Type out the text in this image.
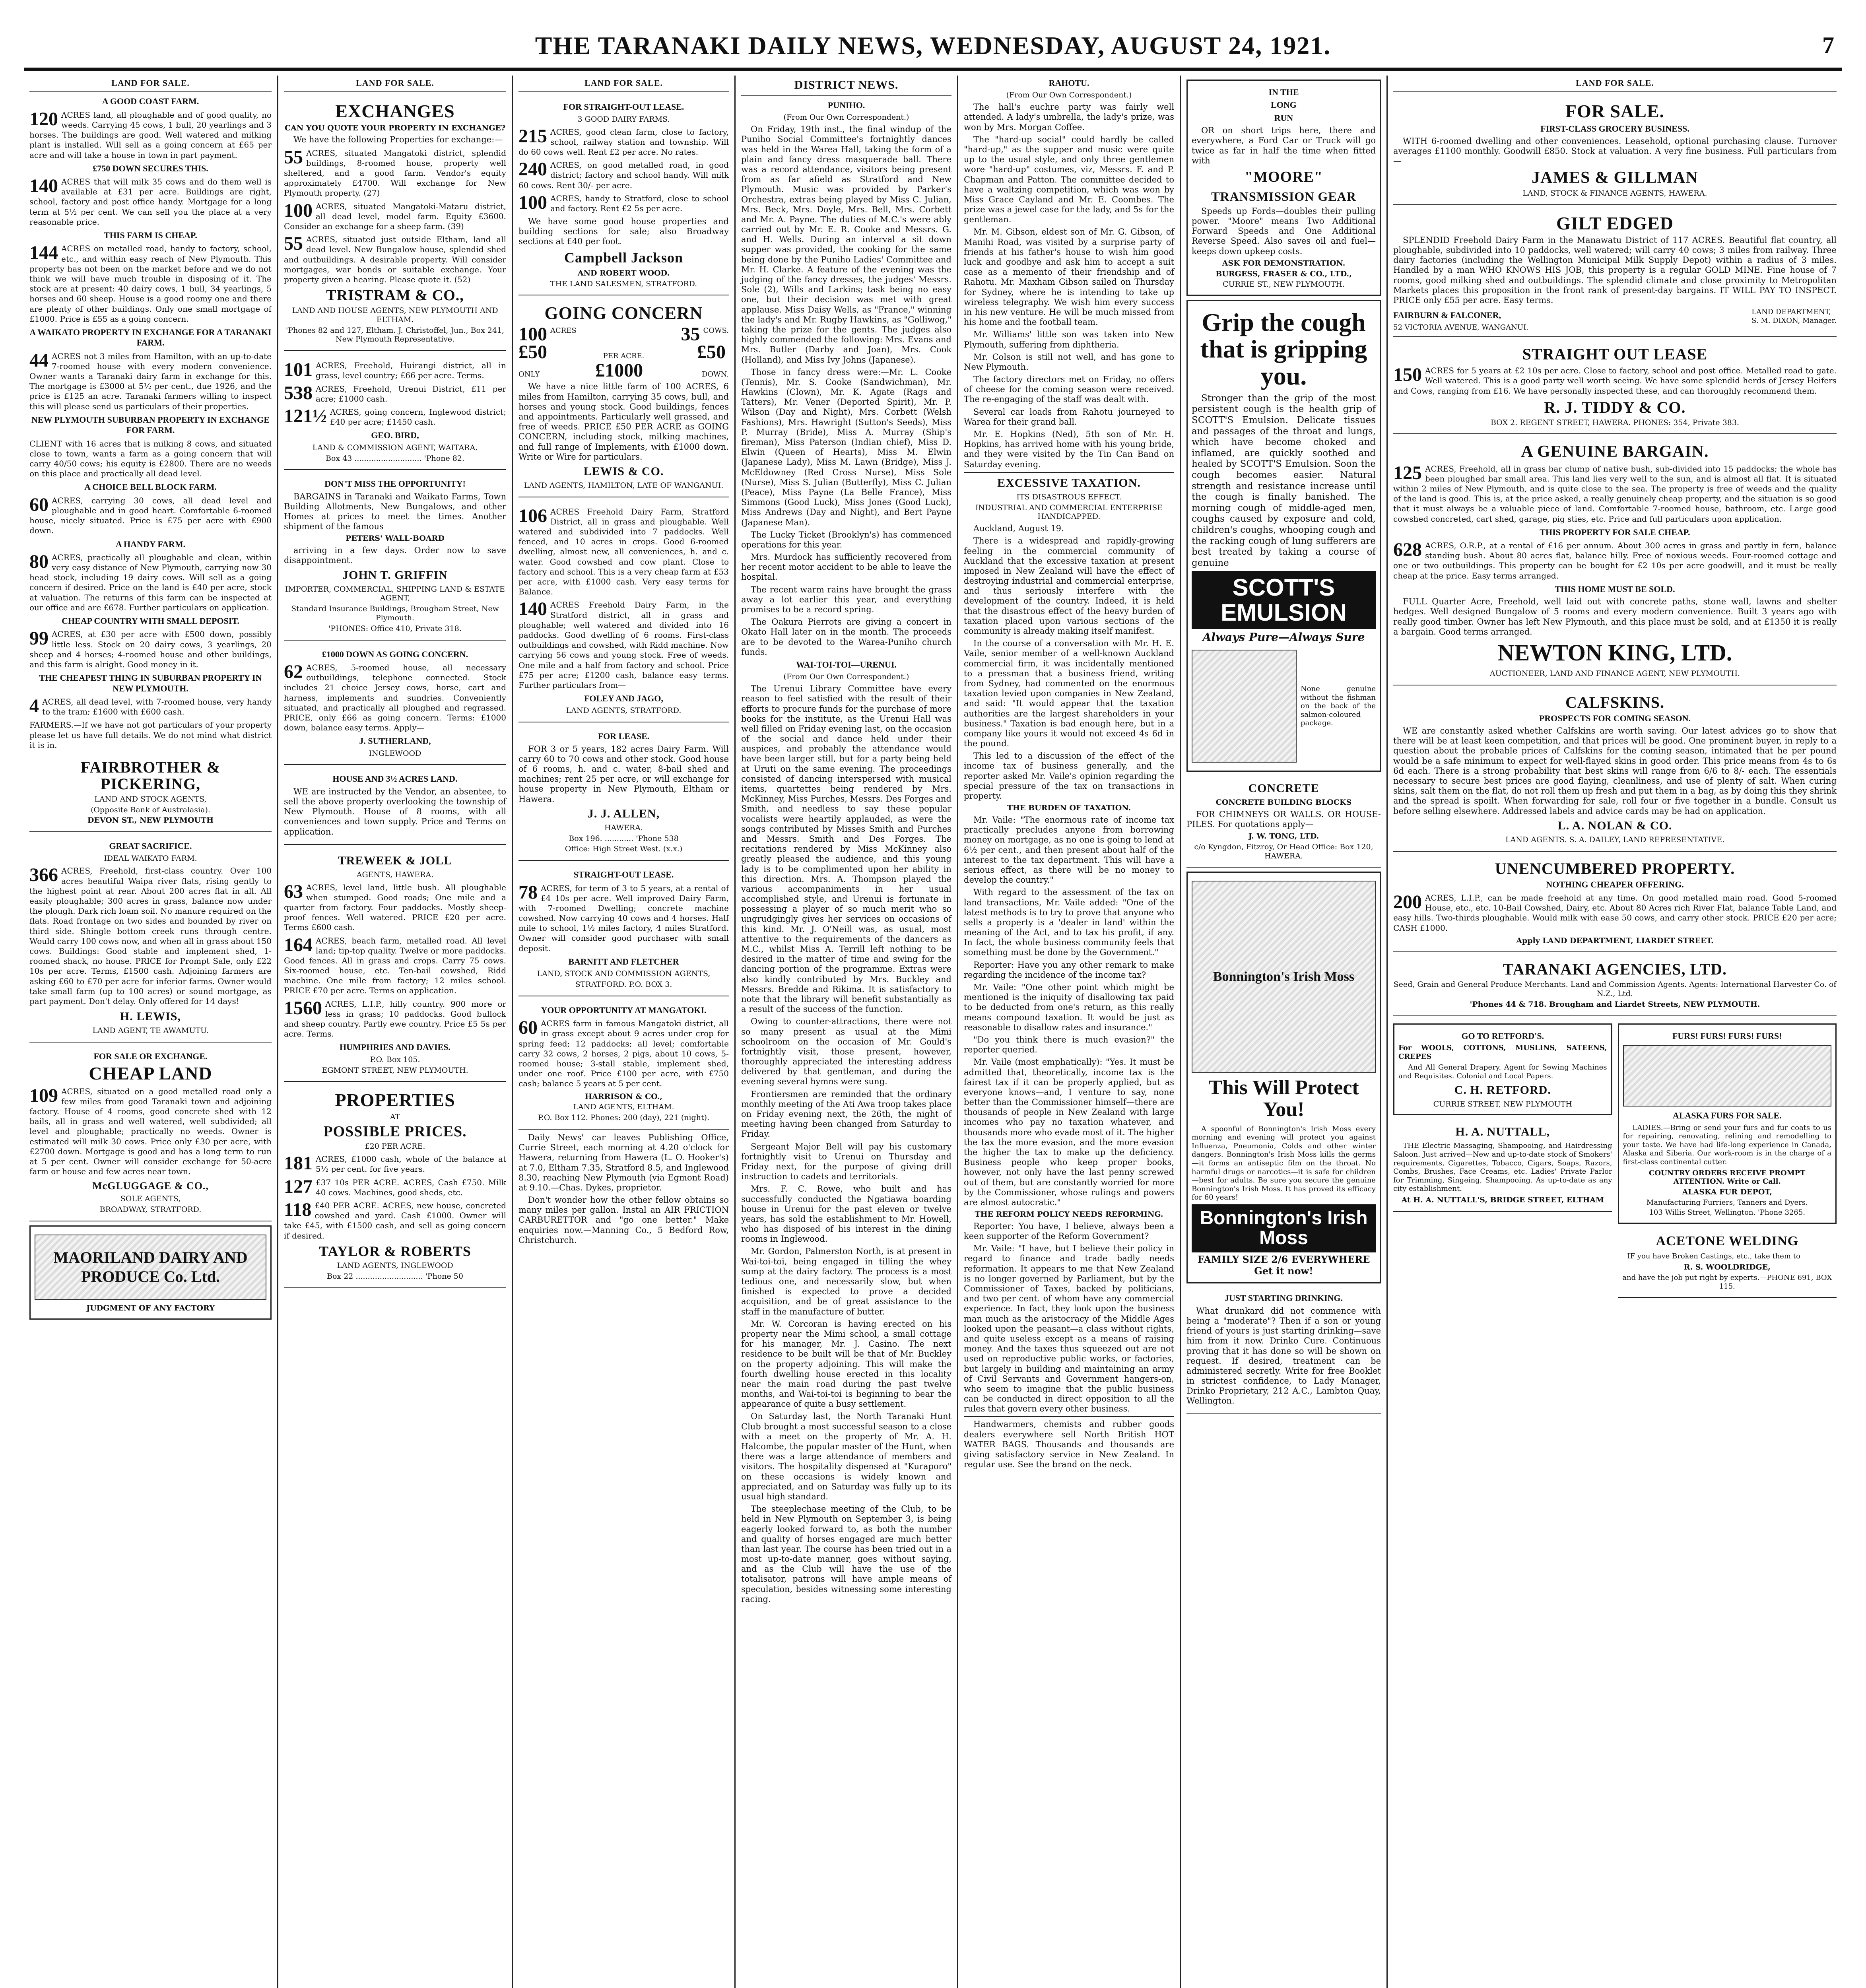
THE TARANAKI DAILY NEWS, WEDNESDAY, AUGUST 24, 1921.	7
LAND FOR SALE.
A GOOD COAST FARM.
120 ACRES land, all ploughable and of good quality, no weeds. Carrying 45 cows, 1 bull, 20 yearlings and 3 horses. The buildings are good. Well watered and milking plant is installed. Will sell as a going concern at £65 per acre and will take a house in town in part payment.
£750 DOWN SECURES THIS.
140 ACRES that will milk 35 cows and do them well is available at £31 per acre. Buildings are right, school, factory and post office handy. Mortgage for a long term at 5½ per cent. We can sell you the place at a very reasonable price.
THIS FARM IS CHEAP.
144 ACRES on metalled road, handy to factory, school, etc., and within easy reach of New Plymouth. This property has not been on the market before and we do not think we will have much trouble in disposing of it. The stock are at present: 40 dairy cows, 1 bull, 34 yearlings, 5 horses and 60 sheep. House is a good roomy one and there are plenty of other buildings. Only one small mortgage of £1000. Price is £55 as a going concern.
A WAIKATO PROPERTY IN EXCHANGE FOR A TARANAKI FARM.
44 ACRES not 3 miles from Hamilton, with an up-to-date 7-roomed house with every modern convenience. Owner wants a Taranaki dairy farm in exchange for this. The mortgage is £3000 at 5½ per cent., due 1926, and the price is £125 an acre. Taranaki farmers willing to inspect this will please send us particulars of their properties.
NEW PLYMOUTH SUBURBAN PROPERTY IN EXCHANGE FOR FARM.
CLIENT with 16 acres that is milking 8 cows, and situated close to town, wants a farm as a going concern that will carry 40/50 cows; his equity is £2800. There are no weeds on this place and practically all dead level.
A CHOICE BELL BLOCK FARM.
60 ACRES, carrying 30 cows, all dead level and ploughable and in good heart. Comfortable 6-roomed house, nicely situated. Price is £75 per acre with £900 down.
A HANDY FARM.
80 ACRES, practically all ploughable and clean, within very easy distance of New Plymouth, carrying now 30 head stock, including 19 dairy cows. Will sell as a going concern if desired. Price on the land is £40 per acre, stock at valuation. The returns of this farm can be inspected at our office and are £678. Further particulars on application.
CHEAP COUNTRY WITH SMALL DEPOSIT.
99 ACRES, at £30 per acre with £500 down, possibly little less. Stock on 20 dairy cows, 3 yearlings, 20 sheep and 4 horses; 4-roomed house and other buildings, and this farm is alright. Good money in it.
THE CHEAPEST THING IN SUBURBAN PROPERTY IN NEW PLYMOUTH.
4 ACRES, all dead level, with 7-roomed house, very handy to the tram; £1600 with £600 cash.
FARMERS.—If we have not got particulars of your property please let us have full details. We do not mind what district it is in.
FAIRBROTHER & PICKERING,
LAND AND STOCK AGENTS,
(Opposite Bank of Australasia).
DEVON ST., NEW PLYMOUTH
GREAT SACRIFICE.
IDEAL WAIKATO FARM.
366 ACRES, Freehold, first-class country. Over 100 acres beautiful Waipa river flats, rising gently to the highest point at rear. About 200 acres flat in all. All easily ploughable; 300 acres in grass, balance now under the plough. Dark rich loam soil. No manure required on the flats. Road frontage on two sides and bounded by river on third side. Shingle bottom creek runs through centre. Would carry 100 cows now, and when all in grass about 150 cows. Buildings: Good stable and implement shed, 1-roomed shack, no house. PRICE for Prompt Sale, only £22 10s per acre. Terms, £1500 cash. Adjoining farmers are asking £60 to £70 per acre for inferior farms. Owner would take small farm (up to 100 acres) or sound mortgage, as part payment. Don't delay. Only offered for 14 days!
H. LEWIS,
LAND AGENT, TE AWAMUTU.
FOR SALE OR EXCHANGE.
CHEAP LAND
109 ACRES, situated on a good metalled road only a few miles from good Taranaki town and adjoining factory. House of 4 rooms, good concrete shed with 12 bails, all in grass and well watered, well subdivided; all level and ploughable; practically no weeds. Owner is estimated will milk 30 cows. Price only £30 per acre, with £2700 down. Mortgage is good and has a long term to run at 5 per cent. Owner will consider exchange for 50-acre farm or house and few acres near town.
McGLUGGAGE & CO.,
SOLE AGENTS,
BROADWAY, STRATFORD.
MAORILAND DAIRY AND PRODUCE Co. Ltd.
JUDGMENT OF ANY FACTORY
LAND FOR SALE.
EXCHANGES
CAN YOU QUOTE YOUR PROPERTY IN EXCHANGE?
We have the following Properties for exchange:—
55 ACRES, situated Mangatoki district, splendid buildings, 8-roomed house, property well sheltered, and a good farm. Vendor's equity approximately £4700. Will exchange for New Plymouth property. (27)
100 ACRES, situated Mangatoki-Mataru district, all dead level, model farm. Equity £3600. Consider an exchange for a sheep farm. (39)
55 ACRES, situated just outside Eltham, land all dead level. New Bungalow house, splendid shed and outbuildings. A desirable property. Will consider mortgages, war bonds or suitable exchange. Your property given a hearing. Please quote it. (52)
TRISTRAM & CO.,
LAND AND HOUSE AGENTS, NEW PLYMOUTH AND ELTHAM.
'Phones 82 and 127, Eltham. J. Christoffel, Jun., Box 241, New Plymouth Representative.
101 ACRES, Freehold, Huirangi district, all in grass, level country; £66 per acre. Terms.
538 ACRES, Freehold, Urenui District, £11 per acre; £1000 cash.
121½ ACRES, going concern, Inglewood district; £40 per acre; £1450 cash.
GEO. BIRD,
LAND & COMMISSION AGENT, WAITARA.
Box 43 ............................ 'Phone 82.
DON'T MISS THE OPPORTUNITY!
BARGAINS in Taranaki and Waikato Farms, Town Building Allotments, New Bungalows, and other Homes at prices to meet the times. Another shipment of the famous
PETERS' WALL-BOARD
arriving in a few days. Order now to save disappointment.
JOHN T. GRIFFIN
IMPORTER, COMMERCIAL, SHIPPING LAND & ESTATE AGENT,
Standard Insurance Buildings, Brougham Street, New Plymouth.
'PHONES: Office 410, Private 318.
£1000 DOWN AS GOING CONCERN.
62 ACRES, 5-roomed house, all necessary outbuildings, telephone connected. Stock includes 21 choice Jersey cows, horse, cart and harness, implements and sundries. Conveniently situated, and practically all ploughed and regrassed. PRICE, only £66 as going concern. Terms: £1000 down, balance easy terms. Apply—
J. SUTHERLAND,
INGLEWOOD
HOUSE AND 3½ ACRES LAND.
WE are instructed by the Vendor, an absentee, to sell the above property overlooking the township of New Plymouth. House of 8 rooms, with all conveniences and town supply. Price and Terms on application.
TREWEEK & JOLL
AGENTS, HAWERA.
63 ACRES, level land, little bush. All ploughable when stumped. Good roads; One mile and a quarter from factory. Four paddocks. Mostly sheep-proof fences. Well watered. PRICE £20 per acre. Terms £600 cash.
164 ACRES, beach farm, metalled road. All level land; tip-top quality. Twelve or more paddocks. Good fences. All in grass and crops. Carry 75 cows. Six-roomed house, etc. Ten-bail cowshed, Ridd machine. One mile from factory; 12 miles school. PRICE £70 per acre. Terms on application.
1560 ACRES, L.I.P., hilly country. 900 more or less in grass; 10 paddocks. Good bullock and sheep country. Partly ewe country. Price £5 5s per acre. Terms.
HUMPHRIES AND DAVIES.
P.O. Box 105.
EGMONT STREET, NEW PLYMOUTH.
PROPERTIES
AT
POSSIBLE PRICES.
£20 PER ACRE.
181 ACRES, £1000 cash, whole of the balance at 5½ per cent. for five years.
127 £37 10s PER ACRE. ACRES, Cash £750. Milk 40 cows. Machines, good sheds, etc.
118 £40 PER ACRE. ACRES, new house, concreted cowshed and yard. Cash £1000. Owner will take £45, with £1500 cash, and sell as going concern if desired.
TAYLOR & ROBERTS
LAND AGENTS, INGLEWOOD
Box 22 ............................ 'Phone 50
LAND FOR SALE.
FOR STRAIGHT-OUT LEASE.
3 GOOD DAIRY FARMS.
215 ACRES, good clean farm, close to factory, school, railway station and township. Will do 60 cows well. Rent £2 per acre. No rates.
240 ACRES, on good metalled road, in good district; factory and school handy. Will milk 60 cows. Rent 30/- per acre.
100 ACRES, handy to Stratford, close to school and factory. Rent £2 5s per acre.
We have some good house properties and building sections for sale; also Broadway sections at £40 per foot.
Campbell Jackson
AND ROBERT WOOD.
THE LAND SALESMEN, STRATFORD.
GOING CONCERN
100 ACRES	35 COWS.
£50	PER ACRE.	£50
ONLY	£1000	DOWN.
We have a nice little farm of 100 ACRES, 6 miles from Hamilton, carrying 35 cows, bull, and horses and young stock. Good buildings, fences and appointments. Particularly well grassed, and free of weeds. PRICE £50 PER ACRE as GOING CONCERN, including stock, milking machines, and full range of Implements, with £1000 down. Write or Wire for particulars.
LEWIS & CO.
LAND AGENTS, HAMILTON, LATE OF WANGANUI.
106 ACRES Freehold Dairy Farm, Stratford District, all in grass and ploughable. Well watered and subdivided into 7 paddocks. Well fenced, and 10 acres in crops. Good 6-roomed dwelling, almost new, all conveniences, h. and c. water. Good cowshed and cow plant. Close to factory and school. This is a very cheap farm at £53 per acre, with £1000 cash. Very easy terms for Balance.
140 ACRES Freehold Dairy Farm, in the Stratford district, all in grass and ploughable; well watered and divided into 16 paddocks. Good dwelling of 6 rooms. First-class outbuildings and cowshed, with Ridd machine. Now carrying 56 cows and young stock. Free of weeds. One mile and a half from factory and school. Price £75 per acre; £1200 cash, balance easy terms. Further particulars from—
FOLEY AND JAGO,
LAND AGENTS, STRATFORD.
FOR LEASE.
FOR 3 or 5 years, 182 acres Dairy Farm. Will carry 60 to 70 cows and other stock. Good house of 6 rooms, h. and c. water, 8-bail shed and machines; rent 25 per acre, or will exchange for house property in New Plymouth, Eltham or Hawera.
J. J. ALLEN,
HAWERA.
Box 196. ............ 'Phone 538
Office: High Street West. (x.x.)
STRAIGHT-OUT LEASE.
78 ACRES, for term of 3 to 5 years, at a rental of £4 10s per acre. Well improved Dairy Farm, with 7-roomed Dwelling; concrete machine cowshed. Now carrying 40 cows and 4 horses. Half mile to school, 1½ miles factory, 4 miles Stratford. Owner will consider good purchaser with small deposit.
BARNITT AND FLETCHER
LAND, STOCK AND COMMISSION AGENTS,
STRATFORD. P.O. BOX 3.
YOUR OPPORTUNITY AT MANGATOKI.
60 ACRES farm in famous Mangatoki district, all in grass except about 9 acres under crop for spring feed; 12 paddocks; all level; comfortable carry 32 cows, 2 horses, 2 pigs, about 10 cows, 5-roomed house; 3-stall stable, implement shed, under one roof. Price £100 per acre, with £750 cash; balance 5 years at 5 per cent.
HARRISON & CO.,
LAND AGENTS, ELTHAM.
P.O. Box 112. Phones: 200 (day), 221 (night).
Daily News' car leaves Publishing Office, Currie Street, each morning at 4.20 o'clock for Hawera, returning from Hawera (L. O. Hooker's) at 7.0, Eltham 7.35, Stratford 8.5, and Inglewood 8.30, reaching New Plymouth (via Egmont Road) at 9.10.—Chas. Dykes, proprietor.
Don't wonder how the other fellow obtains so many miles per gallon. Instal an AIR FRICTION CARBURETTOR and "go one better." Make enquiries now.—Manning Co., 5 Bedford Row, Christchurch.
DISTRICT NEWS.
PUNIHO.
(From Our Own Correspondent.)
On Friday, 19th inst., the final windup of the Puniho Social Committee's fortnightly dances was held in the Warea Hall, taking the form of a plain and fancy dress masquerade ball. There was a record attendance, visitors being present from as far afield as Stratford and New Plymouth. Music was provided by Parker's Orchestra, extras being played by Miss C. Julian, Mrs. Beck, Mrs. Doyle, Mrs. Bell, Mrs. Corbett and Mr. A. Payne. The duties of M.C.'s were ably carried out by Mr. E. R. Cooke and Messrs. G. and H. Wells. During an interval a sit down supper was provided, the cooking for the same being done by the Puniho Ladies' Committee and Mr. H. Clarke. A feature of the evening was the judging of the fancy dresses, the judges' Messrs. Sole (2), Wills and Larkins; task being no easy one, but their decision was met with great applause. Miss Daisy Wells, as "France," winning the lady's and Mr. Rugby Hawkins, as "Golliwog," taking the prize for the gents. The judges also highly commended the following: Mrs. Evans and Mrs. Butler (Darby and Joan), Mrs. Cook (Holland), and Miss Ivy Johns (Japanese).
Those in fancy dress were:—Mr. L. Cooke (Tennis), Mr. S. Cooke (Sandwichman), Mr. Hawkins (Clown), Mr. K. Agate (Rags and Tatters), Mr. Vener (Deported Spirit), Mr. P. Wilson (Day and Night), Mrs. Corbett (Welsh Fashions), Mrs. Hawright (Sutton's Seeds), Miss P. Murray (Bride), Miss A. Murray (Ship's fireman), Miss Paterson (Indian chief), Miss D. Elwin (Queen of Hearts), Miss M. Elwin (Japanese Lady), Miss M. Lawn (Bridge), Miss J. McEldowney (Red Cross Nurse), Miss Sole (Nurse), Miss S. Julian (Butterfly), Miss C. Julian (Peace), Miss Payne (La Belle France), Miss Simmons (Good Luck), Miss Jones (Good Luck), Miss Andrews (Day and Night), and Bert Payne (Japanese Man).
The Lucky Ticket (Brooklyn's) has commenced operations for this year.
Mrs. Murdock has sufficiently recovered from her recent motor accident to be able to leave the hospital.
The recent warm rains have brought the grass away a lot earlier this year, and everything promises to be a record spring.
The Oakura Pierrots are giving a concert in Okato Hall later on in the month. The proceeds are to be devoted to the Warea-Puniho church funds.
WAI-TOI-TOI—URENUI.
(From Our Own Correspondent.)
The Urenui Library Committee have every reason to feel satisfied with the result of their efforts to procure funds for the purchase of more books for the institute, as the Urenui Hall was well filled on Friday evening last, on the occasion of the social and dance held under their auspices, and probably the attendance would have been larger still, but for a party being held at Uruti on the same evening. The proceedings consisted of dancing interspersed with musical items, quartettes being rendered by Mrs. McKinney, Miss Purches, Messrs. Des Forges and Smith, and needless to say these popular vocalists were heartily applauded, as were the songs contributed by Misses Smith and Purches and Messrs. Smith and Des Forges. The recitations rendered by Miss McKinney also greatly pleased the audience, and this young lady is to be complimented upon her ability in this direction. Mrs. A. Thompson played the various accompaniments in her usual accomplished style, and Urenui is fortunate in possessing a player of so much merit who so ungrudgingly gives her services on occasions of this kind. Mr. J. O'Neill was, as usual, most attentive to the requirements of the dancers as M.C., whilst Miss A. Terrill left nothing to be desired in the matter of time and swing for the dancing portion of the programme. Extras were also kindly contributed by Mrs. Buckley and Messrs. Bredde and Rikima. It is satisfactory to note that the library will benefit substantially as a result of the success of the function.
Owing to counter-attractions, there were not so many present as usual at the Mimi schoolroom on the occasion of Mr. Gould's fortnightly visit, those present, however, thoroughly appreciated the interesting address delivered by that gentleman, and during the evening several hymns were sung.
Frontiersmen are reminded that the ordinary monthly meeting of the Ati Awa troop takes place on Friday evening next, the 26th, the night of meeting having been changed from Saturday to Friday.
Sergeant Major Bell will pay his customary fortnightly visit to Urenui on Thursday and Friday next, for the purpose of giving drill instruction to cadets and territorials.
Mrs. F. C. Rowe, who built and has successfully conducted the Ngatiawa boarding house in Urenui for the past eleven or twelve years, has sold the establishment to Mr. Howell, who has disposed of his interest in the dining rooms in Inglewood.
Mr. Gordon, Palmerston North, is at present in Wai-toi-toi, being engaged in tilling the whey sump at the dairy factory. The process is a most tedious one, and necessarily slow, but when finished is expected to prove a decided acquisition, and be of great assistance to the staff in the manufacture of butter.
Mr. W. Corcoran is having erected on his property near the Mimi school, a small cottage for his manager, Mr. J. Casino. The next residence to be built will be that of Mr. Buckley on the property adjoining. This will make the fourth dwelling house erected in this locality near the main road during the past twelve months, and Wai-toi-toi is beginning to bear the appearance of quite a busy settlement.
On Saturday last, the North Taranaki Hunt Club brought a most successful season to a close with a meet on the property of Mr. A. H. Halcombe, the popular master of the Hunt, when there was a large attendance of members and visitors. The hospitality dispensed at "Kuraporo" on these occasions is widely known and appreciated, and on Saturday was fully up to its usual high standard.
The steeplechase meeting of the Club, to be held in New Plymouth on September 3, is being eagerly looked forward to, as both the number and quality of horses engaged are much better than last year. The course has been tried out in a most up-to-date manner, goes without saying, and as the Club will have the use of the totalisator, patrons will have ample means of speculation, besides witnessing some interesting racing.
RAHOTU.
(From Our Own Correspondent.)
The hall's euchre party was fairly well attended. A lady's umbrella, the lady's prize, was won by Mrs. Morgan Coffee.
The "hard-up social" could hardly be called "hard-up," as the supper and music were quite up to the usual style, and only three gentlemen wore "hard-up" costumes, viz, Messrs. F. and P. Chapman and Patton. The committee decided to have a waltzing competition, which was won by Miss Grace Cayland and Mr. E. Coombes. The prize was a jewel case for the lady, and 5s for the gentleman.
Mr. M. Gibson, eldest son of Mr. G. Gibson, of Manihi Road, was visited by a surprise party of friends at his father's house to wish him good luck and goodbye and ask him to accept a suit case as a memento of their friendship and of Rahotu. Mr. Maxham Gibson sailed on Thursday for Sydney, where he is intending to take up wireless telegraphy. We wish him every success in his new venture. He will be much missed from his home and the football team.
Mr. Williams' little son was taken into New Plymouth, suffering from diphtheria.
Mr. Colson is still not well, and has gone to New Plymouth.
The factory directors met on Friday, no offers of cheese for the coming season were received. The re-engaging of the staff was dealt with.
Several car loads from Rahotu journeyed to Warea for their grand ball.
Mr. E. Hopkins (Ned), 5th son of Mr. H. Hopkins, has arrived home with his young bride, and they were visited by the Tin Can Band on Saturday evening.
EXCESSIVE TAXATION.
ITS DISASTROUS EFFECT.
INDUSTRIAL AND COMMERCIAL ENTERPRISE HANDICAPPED.
Auckland, August 19.
There is a widespread and rapidly-growing feeling in the commercial community of Auckland that the excessive taxation at present imposed in New Zealand will have the effect of destroying industrial and commercial enterprise, and thus seriously interfere with the development of the country. Indeed, it is held that the disastrous effect of the heavy burden of taxation placed upon various sections of the community is already making itself manifest.
In the course of a conversation with Mr. H. E. Vaile, senior member of a well-known Auckland commercial firm, it was incidentally mentioned to a pressman that a business friend, writing from Sydney, had commented on the enormous taxation levied upon companies in New Zealand, and said: "It would appear that the taxation authorities are the largest shareholders in your business." Taxation is bad enough here, but in a company like yours it would not exceed 4s 6d in the pound.
This led to a discussion of the effect of the income tax of business generally, and the reporter asked Mr. Vaile's opinion regarding the special pressure of the tax on transactions in property.
THE BURDEN OF TAXATION.
Mr. Vaile: "The enormous rate of income tax practically precludes anyone from borrowing money on mortgage, as no one is going to lend at 6½ per cent., and then present about half of the interest to the tax department. This will have a serious effect, as there will be no money to develop the country."
With regard to the assessment of the tax on land transactions, Mr. Vaile added: "One of the latest methods is to try to prove that anyone who sells a property is a 'dealer in land' within the meaning of the Act, and to tax his profit, if any. In fact, the whole business community feels that something must be done by the Government."
Reporter: Have you any other remark to make regarding the incidence of the income tax?
Mr. Vaile: "One other point which might be mentioned is the iniquity of disallowing tax paid to be deducted from one's return, as this really means compound taxation. It would be just as reasonable to disallow rates and insurance."
"Do you think there is much evasion?" the reporter queried.
Mr. Vaile (most emphatically): "Yes. It must be admitted that, theoretically, income tax is the fairest tax if it can be properly applied, but as everyone knows—and, I venture to say, none better than the Commissioner himself—there are thousands of people in New Zealand with large incomes who pay no taxation whatever, and thousands more who evade most of it. The higher the tax the more evasion, and the more evasion the higher the tax to make up the deficiency. Business people who keep proper books, however, not only have the last penny screwed out of them, but are constantly worried for more by the Commissioner, whose rulings and powers are almost autocratic."
THE REFORM POLICY NEEDS REFORMING.
Reporter: You have, I believe, always been a keen supporter of the Reform Government?
Mr. Vaile: "I have, but I believe their policy in regard to finance and trade badly needs reformation. It appears to me that New Zealand is no longer governed by Parliament, but by the Commissioner of Taxes, backed by politicians, and two per cent. of whom have any commercial experience. In fact, they look upon the business man much as the aristocracy of the Middle Ages looked upon the peasant—a class without rights, and quite useless except as a means of raising money. And the taxes thus squeezed out are not used on reproductive public works, or factories, but largely in building and maintaining an army of Civil Servants and Government hangers-on, who seem to imagine that the public business can be conducted in direct opposition to all the rules that govern every other business.
Handwarmers, chemists and rubber goods dealers everywhere sell North British HOT WATER BAGS. Thousands and thousands are giving satisfactory service in New Zealand. In regular use. See the brand on the neck.
IN THE
LONG
RUN
OR on short trips here, there and everywhere, a Ford Car or Truck will go twice as far in half the time when fitted with
"MOORE"
TRANSMISSION GEAR
Speeds up Fords—doubles their pulling power. "Moore" means Two Additional Forward Speeds and One Additional Reverse Speed. Also saves oil and fuel—keeps down upkeep costs.
ASK FOR DEMONSTRATION.
BURGESS, FRASER & CO., LTD.,
CURRIE ST., NEW PLYMOUTH.
Grip the cough that is gripping you.
Stronger than the grip of the most persistent cough is the health grip of SCOTT'S Emulsion. Delicate tissues and passages of the throat and lungs, which have become choked and inflamed, are quickly soothed and healed by SCOTT'S Emulsion. Soon the cough becomes easier. Natural strength and resistance increase until the cough is finally banished. The morning cough of middle-aged men, coughs caused by exposure and cold, children's coughs, whooping cough and the racking cough of lung sufferers are best treated by taking a course of genuine
SCOTT'S EMULSION
Always Pure—Always Sure
None genuine without the fishman on the back of the salmon-coloured package.
CONCRETE
CONCRETE BUILDING BLOCKS
FOR CHIMNEYS OR WALLS. OR HOUSE-PILES. For quotations apply—
J. W. TONG, LTD.
c/o Kyngdon, Fitzroy, Or Head Office: Box 120, HAWERA.
Bonnington's Irish Moss
This Will Protect You!
A spoonful of Bonnington's Irish Moss every morning and evening will protect you against Influenza, Pneumonia, Colds and other winter dangers. Bonnington's Irish Moss kills the germs—it forms an antiseptic film on the throat. No harmful drugs or narcotics—it is safe for children—best for adults. Be sure you secure the genuine Bonnington's Irish Moss. It has proved its efficacy for 60 years!
Bonnington's Irish Moss
FAMILY SIZE 2/6 EVERYWHERE Get it now!
JUST STARTING DRINKING.
What drunkard did not commence with being a "moderate"? Then if a son or young friend of yours is just starting drinking—save him from it now. Drinko Cure. Continuous proving that it has done so will be shown on request. If desired, treatment can be administered secretly. Write for free Booklet in strictest confidence, to Lady Manager, Drinko Proprietary, 212 A.C., Lambton Quay, Wellington.
LAND FOR SALE.
FOR SALE.
FIRST-CLASS GROCERY BUSINESS.
WITH 6-roomed dwelling and other conveniences. Leasehold, optional purchasing clause. Turnover averages £1100 monthly. Goodwill £850. Stock at valuation. A very fine business. Full particulars from—
JAMES & GILLMAN
LAND, STOCK & FINANCE AGENTS, HAWERA.
GILT EDGED
SPLENDID Freehold Dairy Farm in the Manawatu District of 117 ACRES. Beautiful flat country, all ploughable, subdivided into 10 paddocks, well watered; will carry 40 cows; 3 miles from railway. Three dairy factories (including the Wellington Municipal Milk Supply Depot) within a radius of 3 miles. Handled by a man WHO KNOWS HIS JOB, this property is a regular GOLD MINE. Fine house of 7 rooms, good milking shed and outbuildings. The splendid climate and close proximity to Metropolitan Markets places this proposition in the front rank of present-day bargains. IT WILL PAY TO INSPECT. PRICE only £55 per acre. Easy terms.
FAIRBURN & FALCONER,
52 VICTORIA AVENUE, WANGANUI.
LAND DEPARTMENT,
S. M. DIXON, Manager.
STRAIGHT OUT LEASE
150 ACRES for 5 years at £2 10s per acre. Close to factory, school and post office. Metalled road to gate. Well watered. This is a good party well worth seeing. We have some splendid herds of Jersey Heifers and Cows, ranging from £16. We have personally inspected these, and can thoroughly recommend them.
R. J. TIDDY & CO.
BOX 2. REGENT STREET, HAWERA. PHONES: 354, Private 383.
A GENUINE BARGAIN.
125 ACRES, Freehold, all in grass bar clump of native bush, sub-divided into 15 paddocks; the whole has been ploughed bar small area. This land lies very well to the sun, and is almost all flat. It is situated within 2 miles of New Plymouth, and is quite close to the sea. The property is free of weeds and the quality of the land is good. This is, at the price asked, a really genuinely cheap property, and the situation is so good that it must always be a valuable piece of land. Comfortable 7-roomed house, bathroom, etc. Large good cowshed concreted, cart shed, garage, pig sties, etc. Price and full particulars upon application.
THIS PROPERTY FOR SALE CHEAP.
628 ACRES, O.R.P., at a rental of £16 per annum. About 300 acres in grass and partly in fern, balance standing bush. About 80 acres flat, balance hilly. Free of noxious weeds. Four-roomed cottage and one or two outbuildings. This property can be bought for £2 10s per acre goodwill, and it must be really cheap at the price. Easy terms arranged.
THIS HOME MUST BE SOLD.
FULL Quarter Acre, Freehold, well laid out with concrete paths, stone wall, lawns and shelter hedges. Well designed Bungalow of 5 rooms and every modern convenience. Built 3 years ago with really good timber. Owner has left New Plymouth, and this place must be sold, and at £1350 it is really a bargain. Good terms arranged.
NEWTON KING, LTD.
AUCTIONEER, LAND AND FINANCE AGENT, NEW PLYMOUTH.
CALFSKINS.
PROSPECTS FOR COMING SEASON.
WE are constantly asked whether Calfskins are worth saving. Our latest advices go to show that there will be at least keen competition, and that prices will be good. One prominent buyer, in reply to a question about the probable prices of Calfskins for the coming season, intimated that he per pound would be a safe minimum to expect for well-flayed skins in good order. This price means from 4s to 6s 6d each. There is a strong probability that best skins will range from 6/6 to 8/- each. The essentials necessary to secure best prices are good flaying, cleanliness, and use of plenty of salt. When curing skins, salt them on the flat, do not roll them up fresh and put them in a bag, as by doing this they shrink and the spread is spoilt. When forwarding for sale, roll four or five together in a bundle. Consult us before selling elsewhere. Addressed labels and advice cards may be had on application.
L. A. NOLAN & CO.
LAND AGENTS. S. A. DAILEY, LAND REPRESENTATIVE.
UNENCUMBERED PROPERTY.
NOTHING CHEAPER OFFERING.
200 ACRES, L.I.P., can be made freehold at any time. On good metalled main road. Good 5-roomed House, etc., etc. 10-Bail Cowshed, Dairy, etc. About 80 Acres rich River Flat, balance Table Land, and easy hills. Two-thirds ploughable. Would milk with ease 50 cows, and carry other stock. PRICE £20 per acre; CASH £1000.
Apply LAND DEPARTMENT, LIARDET STREET.
TARANAKI AGENCIES, LTD.
Seed, Grain and General Produce Merchants. Land and Commission Agents. Agents: International Harvester Co. of N.Z., Ltd.
'Phones 44 & 718. Brougham and Liardet Streets, NEW PLYMOUTH.
GO TO RETFORD'S.
For WOOLS, COTTONS, MUSLINS, SATEENS, CREPES
And All General Drapery. Agent for Sewing Machines and Requisites. Colonial and Local Papers.
C. H. RETFORD.
CURRIE STREET, NEW PLYMOUTH
H. A. NUTTALL,
THE Electric Massaging, Shampooing, and Hairdressing Saloon. Just arrived—New and up-to-date stock of Smokers' requirements, Cigarettes, Tobacco, Cigars, Soaps, Razors, Combs, Brushes, Face Creams, etc. Ladies' Private Parlor for Trimming, Singeing, Shampooing. As up-to-date as any city establishment.
At H. A. NUTTALL'S, BRIDGE STREET, ELTHAM
FURS! FURS! FURS! FURS!
ALASKA FURS FOR SALE.
LADIES.—Bring or send your furs and fur coats to us for repairing, renovating, relining and remodelling to your taste. We have had life-long experience in Canada, Alaska and Siberia. Our work-room is in the charge of a first-class continental cutter.
COUNTRY ORDERS RECEIVE PROMPT ATTENTION. Write or Call.
ALASKA FUR DEPOT,
Manufacturing Furriers, Tanners and Dyers.
103 Willis Street, Wellington. 'Phone 3265.
ACETONE WELDING
IF you have Broken Castings, etc., take them to
R. S. WOOLDRIDGE,
and have the job put right by experts.—PHONE 691, BOX 115.
